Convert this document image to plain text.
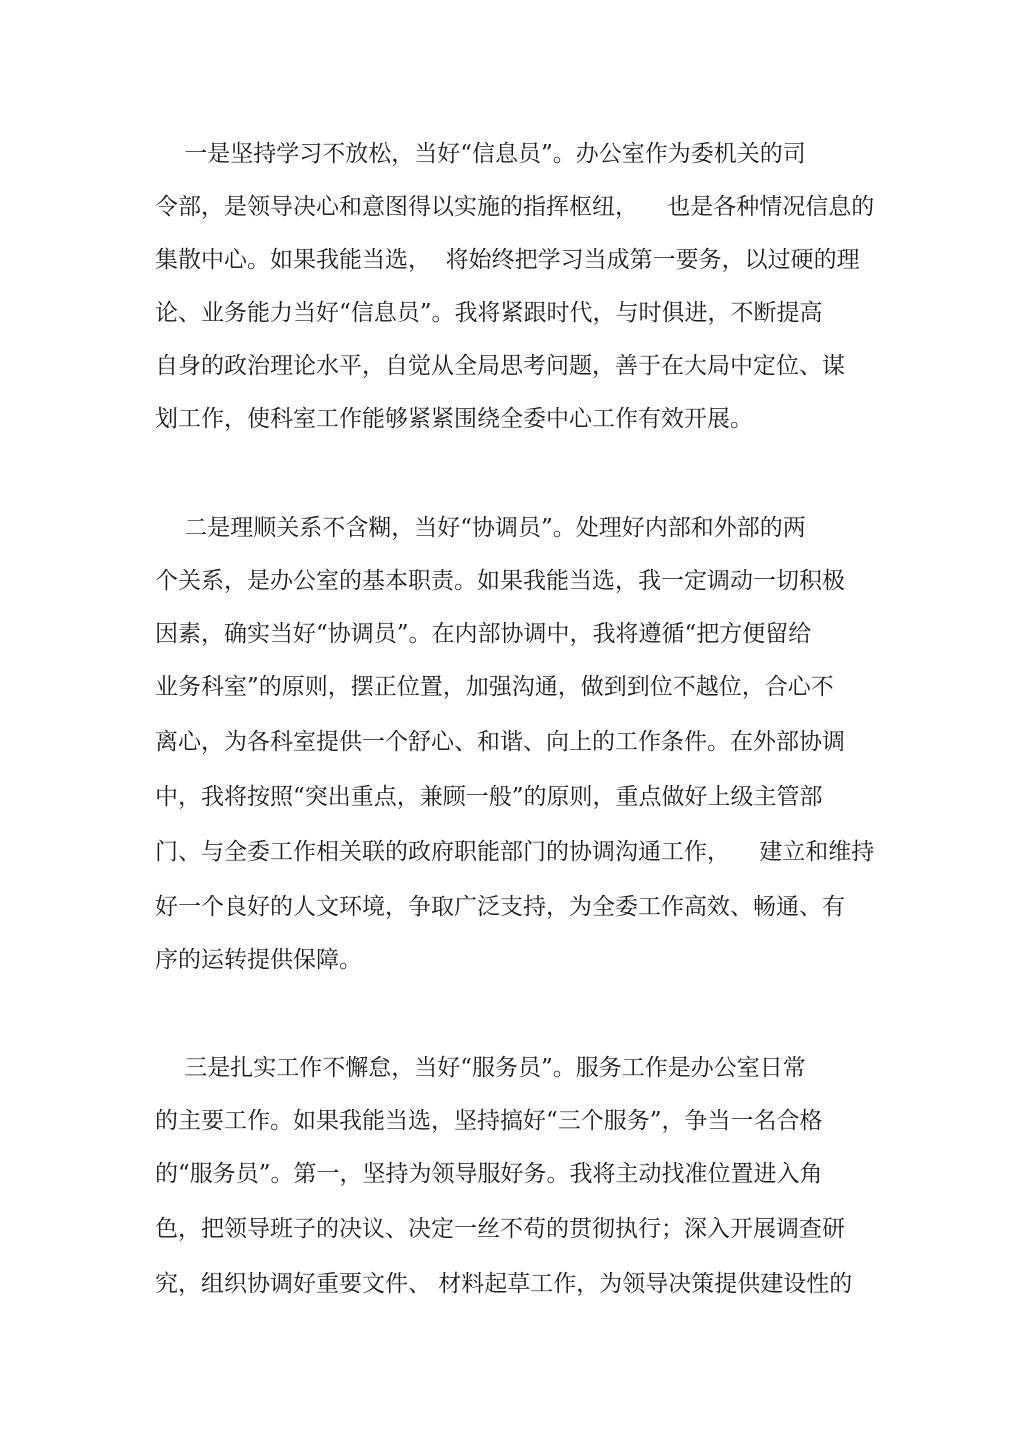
一是坚持学习不放松，当好“信息员”。办公室作为委机关的司
令部，是领导决心和意图得以实施的指挥枢纽，    也是各种情况信息的
集散中心。如果我能当选，  将始终把学习当成第一要务，以过硬的理
论、业务能力当好“信息员”。我将紧跟时代，与时俱进，不断提高
自身的政治理论水平，自觉从全局思考问题，善于在大局中定位、谋
划工作，使科室工作能够紧紧围绕全委中心工作有效开展。
二是理顺关系不含糊，当好“协调员”。处理好内部和外部的两
个关系，是办公室的基本职责。如果我能当选，我一定调动一切积极
因素，确实当好“协调员”。在内部协调中，我将遵循“把方便留给
业务科室”的原则，摆正位置，加强沟通，做到到位不越位，合心不
离心，为各科室提供一个舒心、和谐、向上的工作条件。在外部协调
中，我将按照“突出重点，兼顾一般”的原则，重点做好上级主管部
门、与全委工作相关联的政府职能部门的协调沟通工作，    建立和维持
好一个良好的人文环境，争取广泛支持，为全委工作高效、畅通、有
序的运转提供保障。
三是扎实工作不懈怠，当好“服务员”。服务工作是办公室日常
的主要工作。如果我能当选，坚持搞好“三个服务”，争当一名合格
的“服务员”。第一，坚持为领导服好务。我将主动找准位置进入角
色，把领导班子的决议、决定一丝不苟的贯彻执行；深入开展调查研
究，组织协调好重要文件、 材料起草工作，为领导决策提供建设性的
